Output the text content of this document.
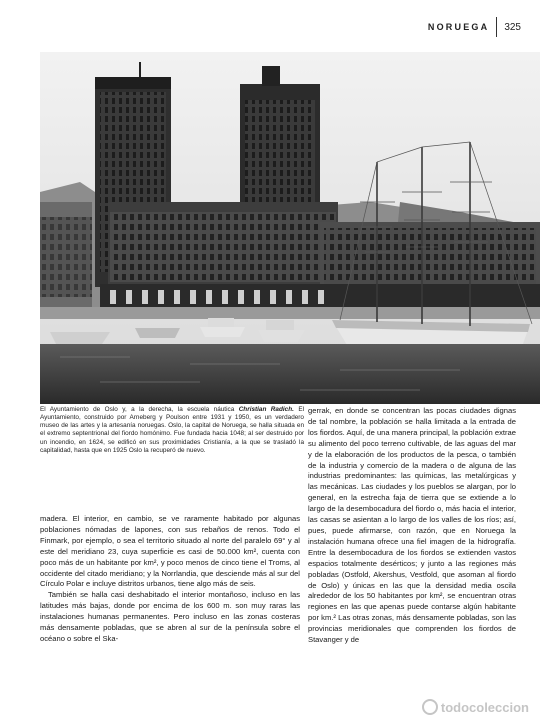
NORUEGA	325

El Ayuntamiento de Oslo y, a la derecha, la escuela náutica Christian Radich. El Ayuntamiento, construido por Arneberg y Poulson entre 1931 y 1950, es un verdadero museo de las artes y la artesanía noruegas. Oslo, la capital de Noruega, se halla situada en el extremo septentrional del fiordo homónimo. Fue fundada hacia 1048; al ser destruido por un incendio, en 1624, se edificó en sus proximidades Cristianía, a la que se trasladó la capitalidad, hasta que en 1925 Oslo la recuperó de nuevo.

gerrak, en donde se concentran las pocas ciudades dignas de tal nombre, la población se halla limitada a la entrada de los fiordos. Aquí, de una manera principal, la población extrae su alimento del poco terreno cultivable, de las aguas del mar y de la elaboración de los productos de la pesca, o también de la industria y comercio de la madera o de alguna de las industrias predominantes: las químicas, las metalúrgicas y las mecánicas. Las ciudades y los pueblos se alargan, por lo general, en la estrecha faja de tierra que se extiende a lo largo de la desembocadura del fiordo o, más hacia el interior, las casas se asientan a lo largo de los valles de los ríos; así, pues, puede afirmarse, con razón, que en Noruega la instalación humana ofrece una fiel imagen de la hidrografía. Entre la desembocadura de los fiordos se extienden vastos espacios totalmente desérticos; y junto a las regiones más pobladas (Ostfold, Akershus, Vestfold, que asoman al fiordo de Oslo) y únicas en las que la densidad media oscila alrededor de los 50 habitantes por km², se encuentran otras regiones en las que apenas puede contarse algún habitante por km.² Las otras zonas, más densamente pobladas, son las provincias meridionales que comprenden los fiordos de Stavanger y de

madera. El interior, en cambio, se ve raramente habitado por algunas poblaciones nómadas de lapones, con sus rebaños de renos. Todo el Finmark, por ejemplo, o sea el territorio situado al norte del paralelo 69° y al este del meridiano 23, cuya superficie es casi de 50.000 km², cuenta con poco más de un habitante por km², y poco menos de cinco tiene el Troms, al occidente del citado meridiano; y la Norrlandia, que desciende más al sur del Círculo Polar e incluye distritos urbanos, tiene algo más de seis.

También se halla casi deshabitado el interior montañoso, incluso en las latitudes más bajas, donde por encima de los 600 m. son muy raras las instalaciones humanas permanentes. Pero incluso en las zonas costeras más densamente pobladas, que se abren al sur de la península sobre el océano o sobre el Ska-

todocoleccion
